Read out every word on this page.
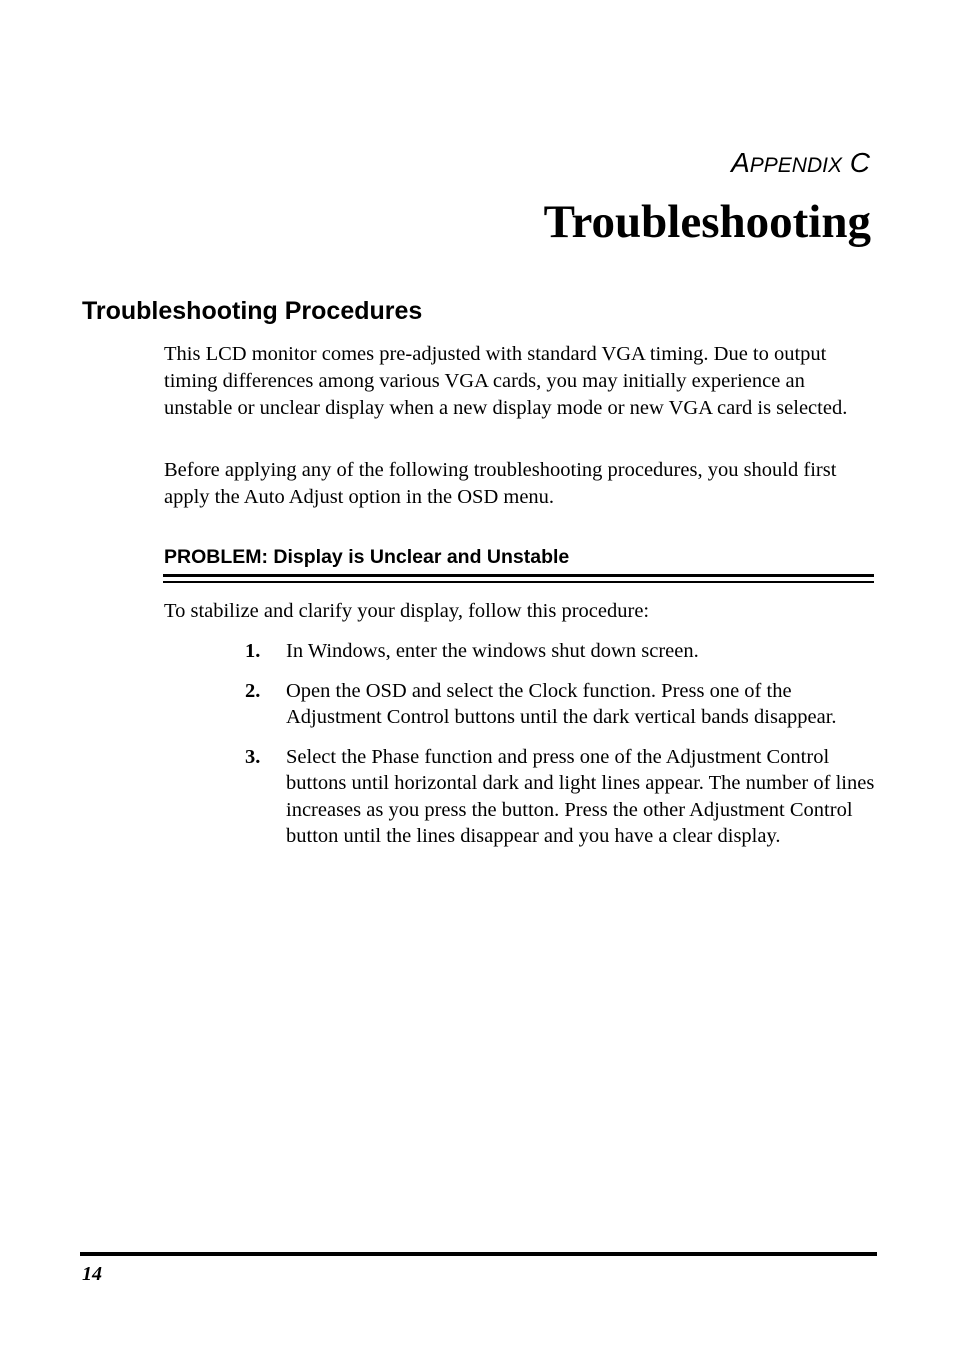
APPENDIX C

Troubleshooting
Troubleshooting Procedures

This LCD monitor comes pre-adjusted with standard VGA timing. Due to output timing differences among various VGA cards, you may initially experience an unstable or unclear display when a new display mode or new VGA card is selected.

Before applying any of the following troubleshooting procedures, you should first apply the Auto Adjust option in the OSD menu.

PROBLEM: Display is Unclear and Unstable

To stabilize and clarify your display, follow this procedure:

1. In Windows, enter the windows shut down screen.
2. Open the OSD and select the Clock function. Press one of the Adjustment Control buttons until the dark vertical bands disappear.
3. Select the Phase function and press one of the Adjustment Control buttons until horizontal dark and light lines appear. The number of lines increases as you press the button. Press the other Adjustment Control button until the lines disappear and you have a clear display.

14
